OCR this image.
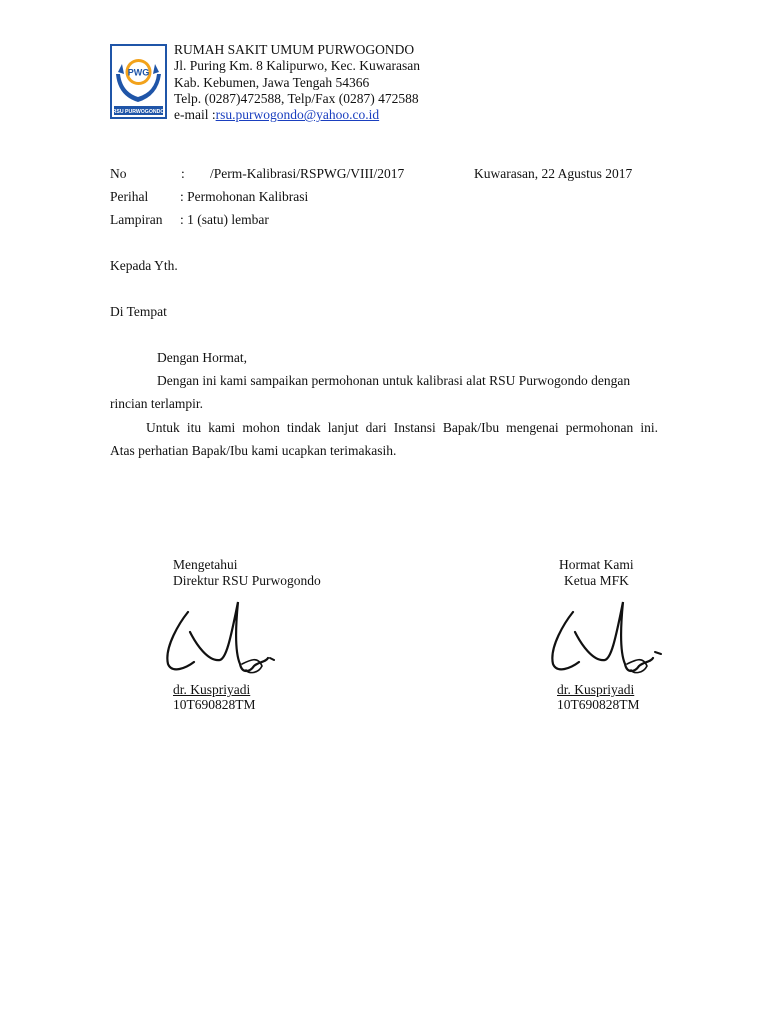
PWG
RSU PURWOGONDO
RUMAH SAKIT UMUM PURWOGONDO
Jl. Puring Km. 8 Kalipurwo, Kec. Kuwarasan
Kab. Kebumen, Jawa Tengah 54366
Telp. (0287)472588, Telp/Fax (0287) 472588
e-mail :rsu.purwogondo@yahoo.co.id
No	: /Perm-Kalibrasi/RSPWG/VIII/2017	Kuwarasan, 22 Agustus 2017
Perihal : Permohonan Kalibrasi
Lampiran : 1 (satu) lembar
Kepada Yth.
Di Tempat
Dengan Hormat,
Dengan ini kami sampaikan permohonan untuk kalibrasi alat RSU Purwogondo dengan
rincian terlampir.
Untuk itu kami mohon tindak lanjut dari Instansi Bapak/Ibu mengenai permohonan ini.
Atas perhatian Bapak/Ibu kami ucapkan terimakasih.
Mengetahui
Direktur RSU Purwogondo
dr. Kuspriyadi
10T690828TM
Hormat Kami
Ketua MFK
dr. Kuspriyadi
10T690828TM
